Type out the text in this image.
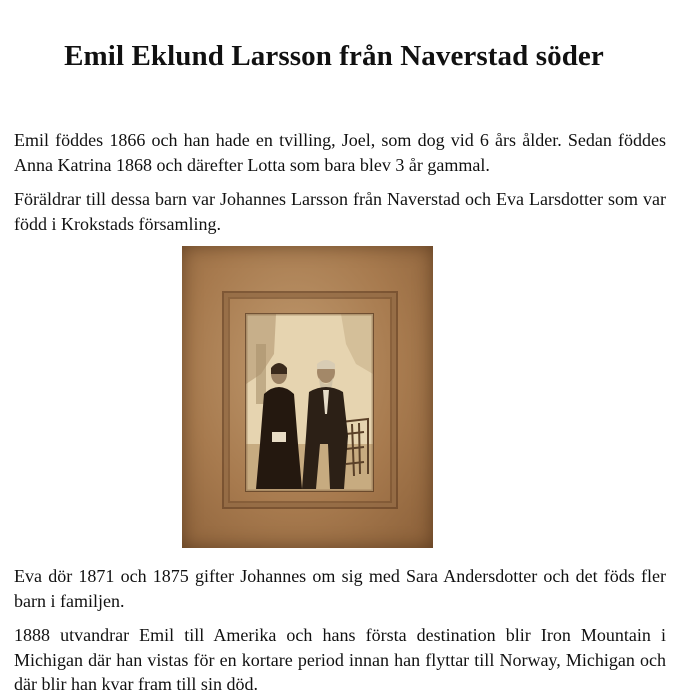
Emil Eklund Larsson från Naverstad söder

Emil föddes 1866 och han hade en tvilling, Joel, som dog vid 6 års ålder. Sedan föddes Anna Katrina 1868 och därefter Lotta som bara blev 3 år gammal.

Föräldrar till dessa barn var Johannes Larsson från Naverstad och Eva Larsdotter som var född i Krokstads församling.

Eva dör 1871 och 1875 gifter Johannes om sig med Sara Andersdotter och det föds fler barn i familjen.

1888 utvandrar Emil till Amerika och hans första destination blir Iron Mountain i Michigan där han vistas för en kortare period innan han flyttar till Norway, Michigan och där blir han kvar fram till sin död.
